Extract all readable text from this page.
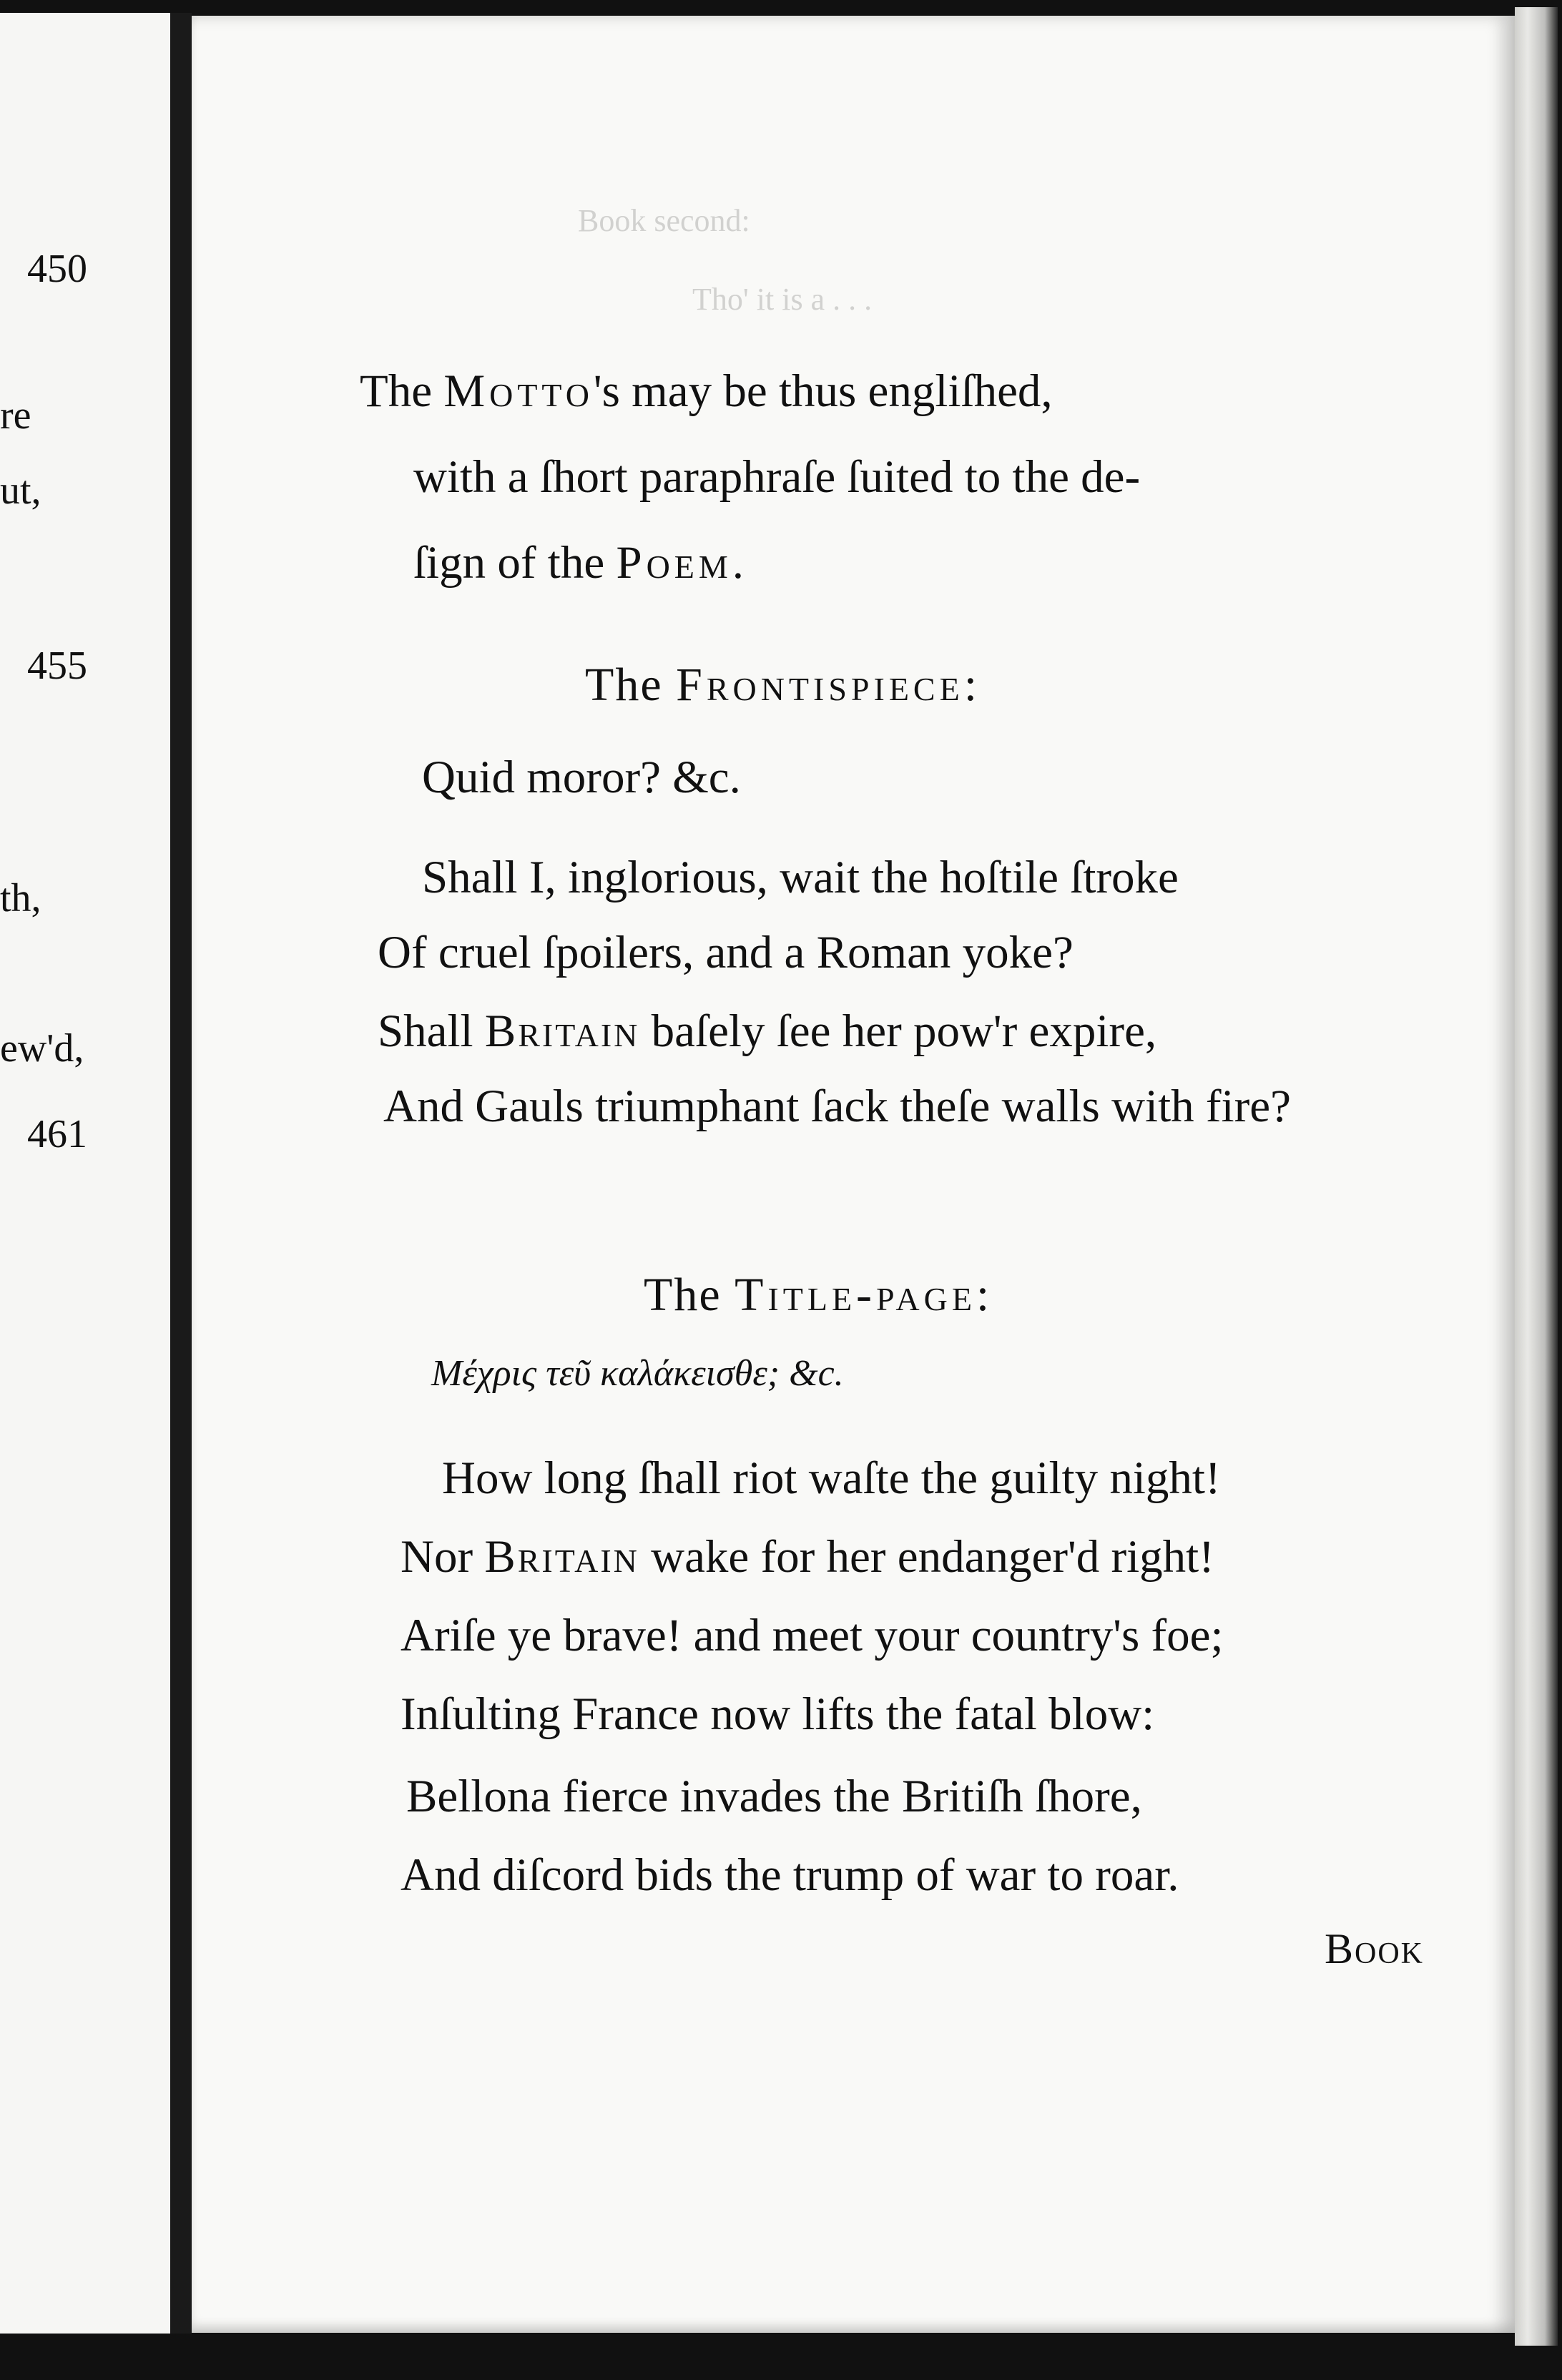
450
re
ut,
455
th,
ew'd,
461
Book second:
Tho' it is a . . .
The Motto's may be thus engliſhed,
with a ſhort paraphraſe ſuited to the de-
ſign of the Poem.
The Frontispiece:
Quid moror? &c.
Shall I, inglorious, wait the hoſtile ſtroke
Of cruel ſpoilers, and a Roman yoke?
Shall Britain baſely ſee her pow'r expire,
And Gauls triumphant ſack theſe walls with fire?
The Title-page:
Μέχρις τεῦ καλάκεισθε; &c.
How long ſhall riot waſte the guilty night!
Nor Britain wake for her endanger'd right!
Ariſe ye brave! and meet your country's foe;
Inſulting France now lifts the fatal blow:
Bellona fierce invades the Britiſh ſhore,
And diſcord bids the trump of war to roar.
Book
